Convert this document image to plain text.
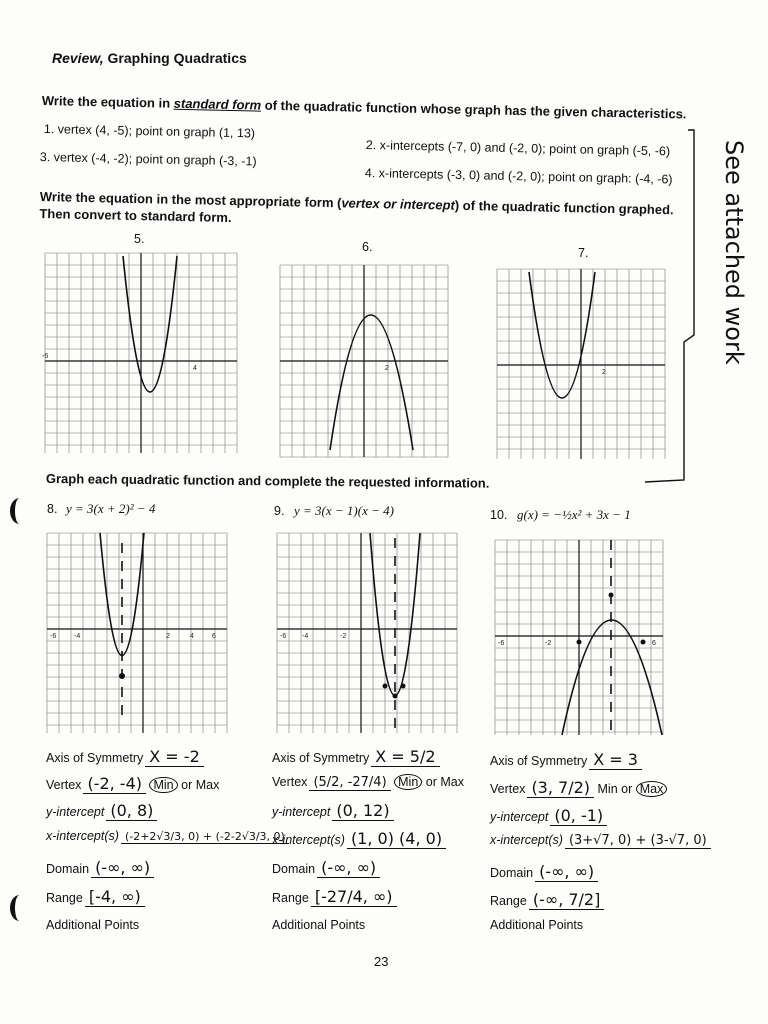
Review, Graphing Quadratics
Write the equation in standard form of the quadratic function whose graph has the given characteristics.
1. vertex (4, -5); point on graph (1, 13)
2. x-intercepts (-7, 0) and (-2, 0); point on graph (-5, -6)
3. vertex (-4, -2); point on graph (-3, -1)
4. x-intercepts (-3, 0) and (-2, 0); point on graph: (-4, -6)
Write the equation in the most appropriate form (vertex or intercept) of the quadratic function graphed.
Then convert to standard form.
5.
6.	7.	See attached work
-6
4	2
2
Graph each quadratic function and complete the requested information.
8. y = 3(x + 2)² − 4	9. y = 3(x − 1)(x − 4)	10. g(x) = −½x² + 3x − 1
-6	-4	2	4	6	-6 -4	-2
-6	-2	6
Axis of Symmetry X = -2
Vertex (-2, -4) Min or Max
y-intercept (0, 8)
x-intercept(s) (-2+2√3/3, 0) + (-2-2√3/3, 0)
Domain (-∞, ∞)
Range [-4, ∞)
Additional Points
Axis of Symmetry X = 5/2
Vertex (5/2, -27/4) Min or Max
y-intercept (0, 12)
x-intercept(s) (1, 0) (4, 0)
Domain (-∞, ∞)
Range [-27/4, ∞)
Additional Points
Axis of Symmetry X = 3
Vertex (3, 7/2) Min or Max
y-intercept (0, -1)
x-intercept(s) (3+√7, 0) + (3-√7, 0)
Domain (-∞, ∞)
Range (-∞, 7/2]
Additional Points
23
